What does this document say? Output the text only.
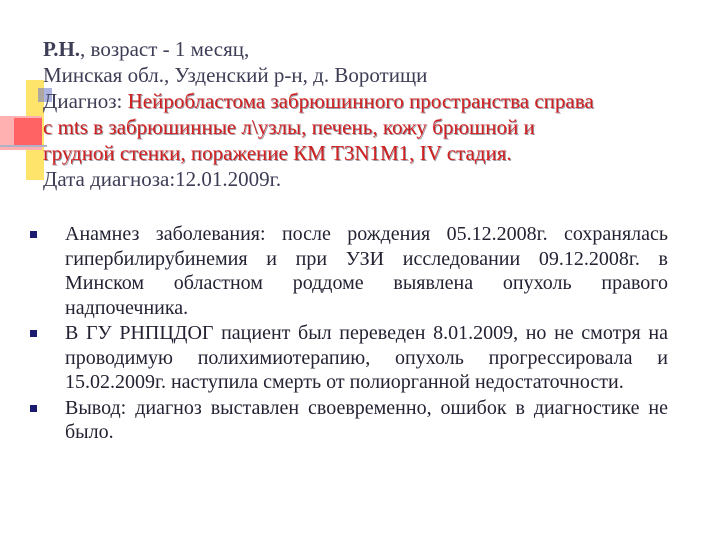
Р.Н., возраст - 1 месяц,
Минская обл., Узденский р-н, д. Воротищи
Диагноз: Нейробластома забрюшинного пространства справа
с mts в забрюшинные л\узлы, печень, кожу брюшной и
грудной стенки, поражение КМ T3N1M1, IV стадия.
Дата диагноза:12.01.2009г.
Анамнез заболевания: после рождения 05.12.2008г. сохранялась гипербилирубинемия и при УЗИ исследовании 09.12.2008г. в Минском областном роддоме выявлена опухоль правого надпочечника.
В ГУ РНПЦДОГ пациент был переведен 8.01.2009, но не смотря на проводимую полихимиотерапию, опухоль прогрессировала и 15.02.2009г. наступила смерть от полиорганной недостаточности.
Вывод: диагноз выставлен своевременно, ошибок в диагностике не было.
